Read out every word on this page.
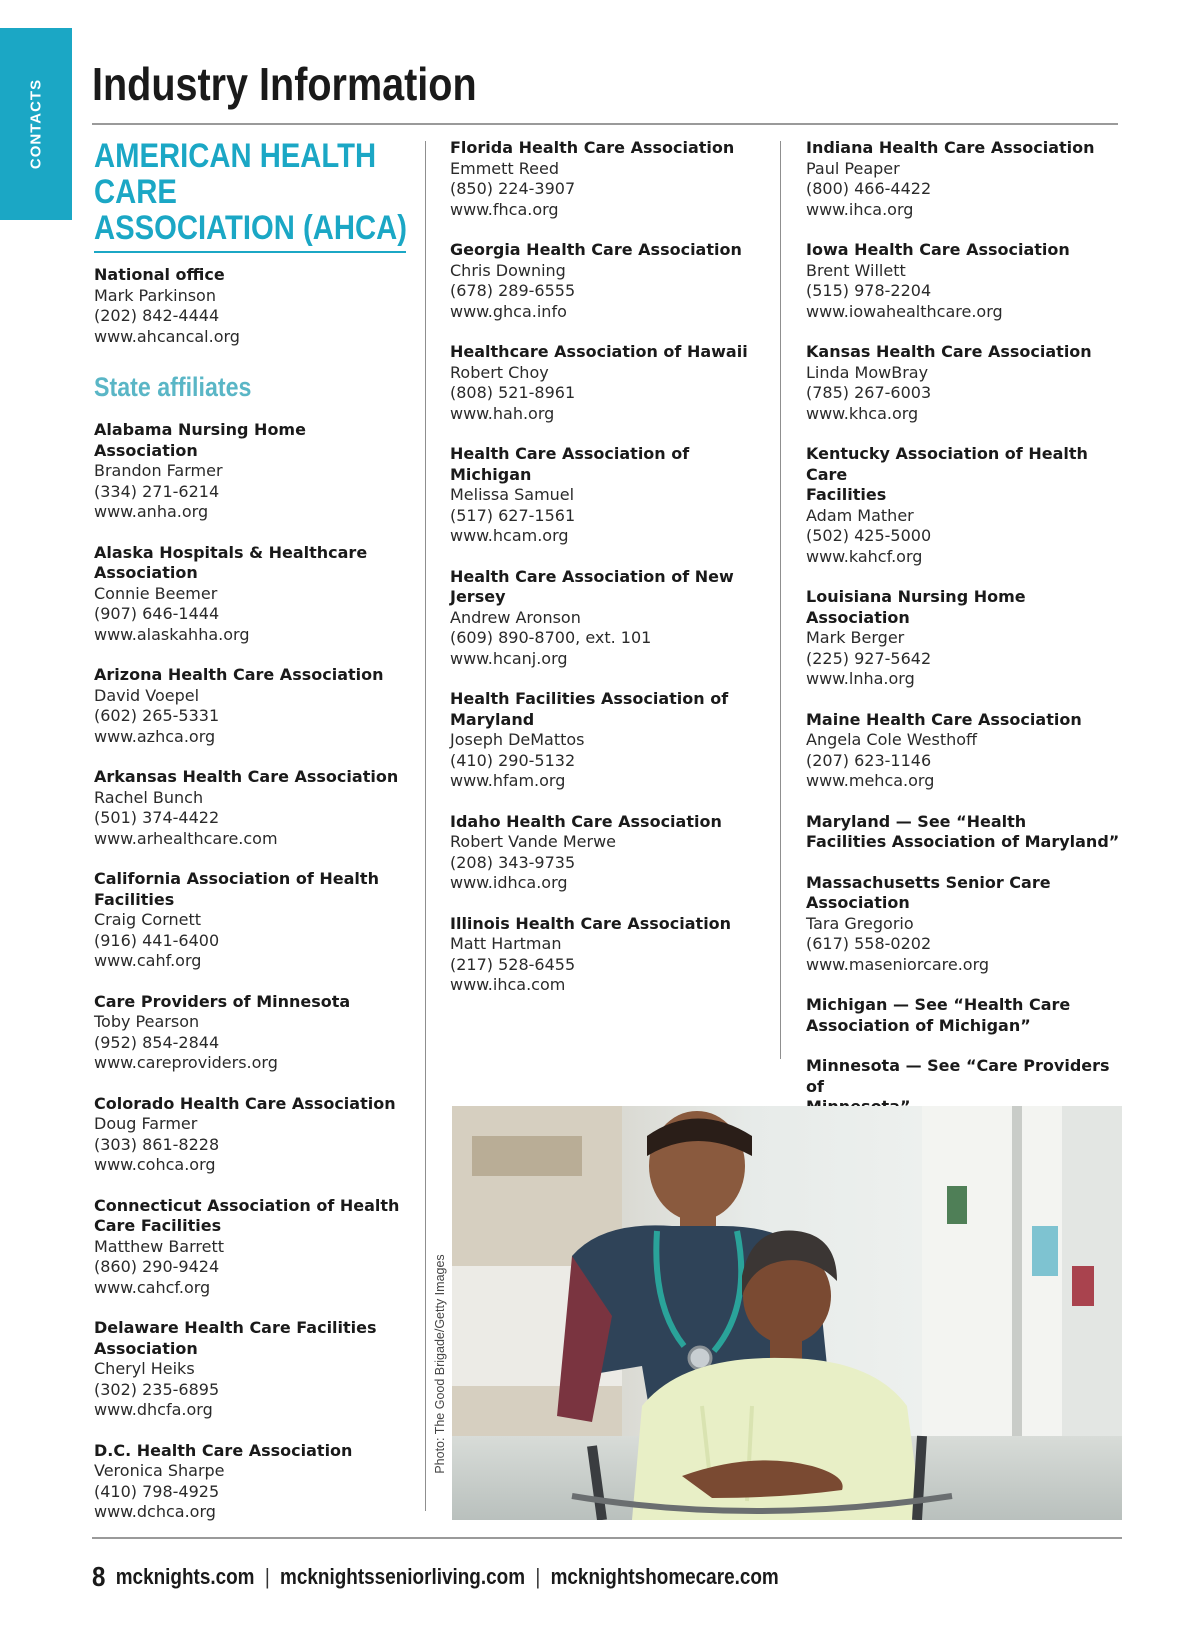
CONTACTS Industry Information
AMERICAN HEALTH CARE
ASSOCIATION (AHCA)
National office
Mark Parkinson
(202) 842-4444
www.ahcancal.org
State affiliates
Alabama Nursing Home Association
Brandon Farmer
(334) 271-6214
www.anha.org
Alaska Hospitals & Healthcare
Association
Connie Beemer
(907) 646-1444
www.alaskahha.org
Arizona Health Care Association
David Voepel
(602) 265-5331
www.azhca.org
Arkansas Health Care Association
Rachel Bunch
(501) 374-4422
www.arhealthcare.com
California Association of Health
Facilities
Craig Cornett
(916) 441-6400
www.cahf.org
Care Providers of Minnesota
Toby Pearson
(952) 854-2844
www.careproviders.org
Colorado Health Care Association
Doug Farmer
(303) 861-8228
www.cohca.org
Connecticut Association of Health
Care Facilities
Matthew Barrett
(860) 290-9424
www.cahcf.org
Delaware Health Care Facilities
Association
Cheryl Heiks
(302) 235-6895
www.dhcfa.org
D.C. Health Care Association
Veronica Sharpe
(410) 798-4925
www.dchca.org
Florida Health Care Association
Emmett Reed
(850) 224-3907
www.fhca.org
Georgia Health Care Association
Chris Downing
(678) 289-6555
www.ghca.info
Healthcare Association of Hawaii
Robert Choy
(808) 521-8961
www.hah.org
Health Care Association of Michigan
Melissa Samuel
(517) 627-1561
www.hcam.org
Health Care Association of New
Jersey
Andrew Aronson
(609) 890-8700, ext. 101
www.hcanj.org
Health Facilities Association of
Maryland
Joseph DeMattos
(410) 290-5132
www.hfam.org
Idaho Health Care Association
Robert Vande Merwe
(208) 343-9735
www.idhca.org
Illinois Health Care Association
Matt Hartman
(217) 528-6455
www.ihca.com
Indiana Health Care Association
Paul Peaper
(800) 466-4422
www.ihca.org
Iowa Health Care Association
Brent Willett
(515) 978-2204
www.iowahealthcare.org
Kansas Health Care Association
Linda MowBray
(785) 267-6003
www.khca.org
Kentucky Association of Health Care
Facilities
Adam Mather
(502) 425-5000
www.kahcf.org
Louisiana Nursing Home Association
Mark Berger
(225) 927-5642
www.lnha.org
Maine Health Care Association
Angela Cole Westhoff
(207) 623-1146
www.mehca.org
Maryland — See “Health
Facilities Association of Maryland”
Massachusetts Senior Care
Association
Tara Gregorio
(617) 558-0202
www.maseniorcare.org
Michigan — See “Health Care
Association of Michigan”
Minnesota — See “Care Providers of
Photo: The Good Brigade/Getty Images
8 mcknights.com | mcknightsseniorliving.com | mcknightshomecare.com
